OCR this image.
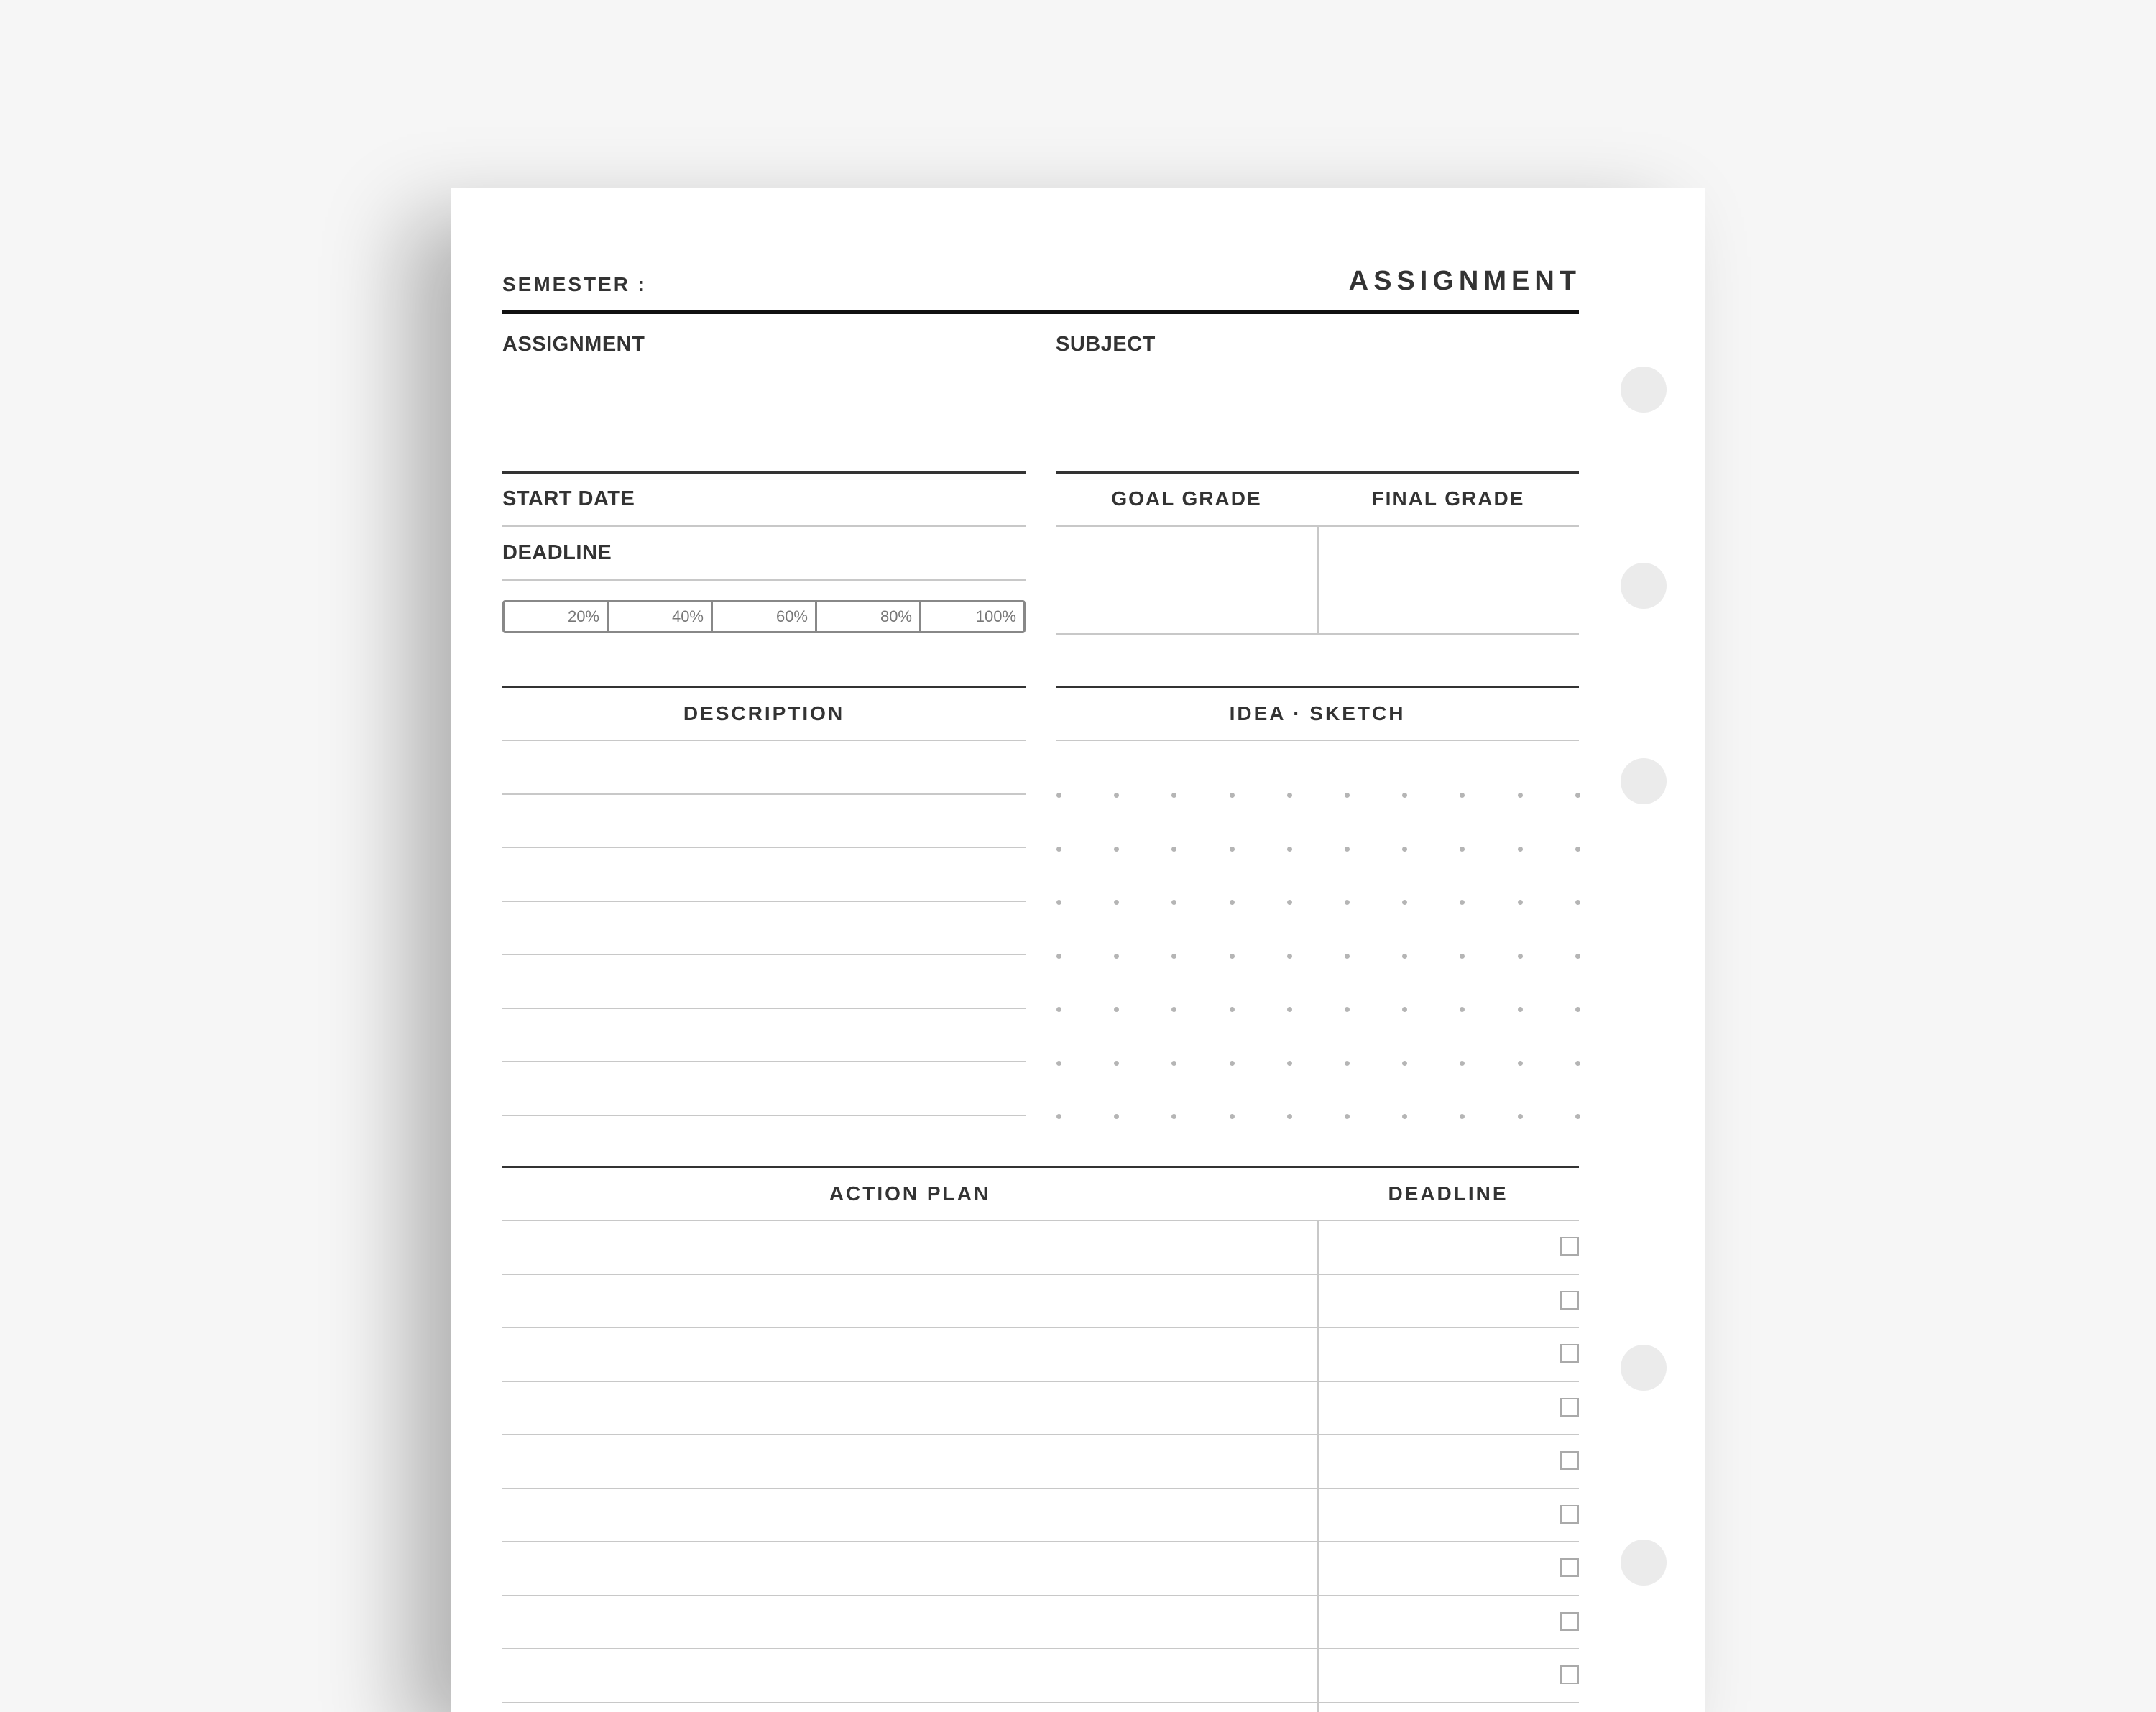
SEMESTER :	ASSIGNMENT
ASSIGNMENT	SUBJECT
START DATE
DEADLINE
20%	40%	60%	80%	100%
GOAL GRADE	FINAL GRADE
DESCRIPTION	IDEA · SKETCH
ACTION PLAN	DEADLINE
